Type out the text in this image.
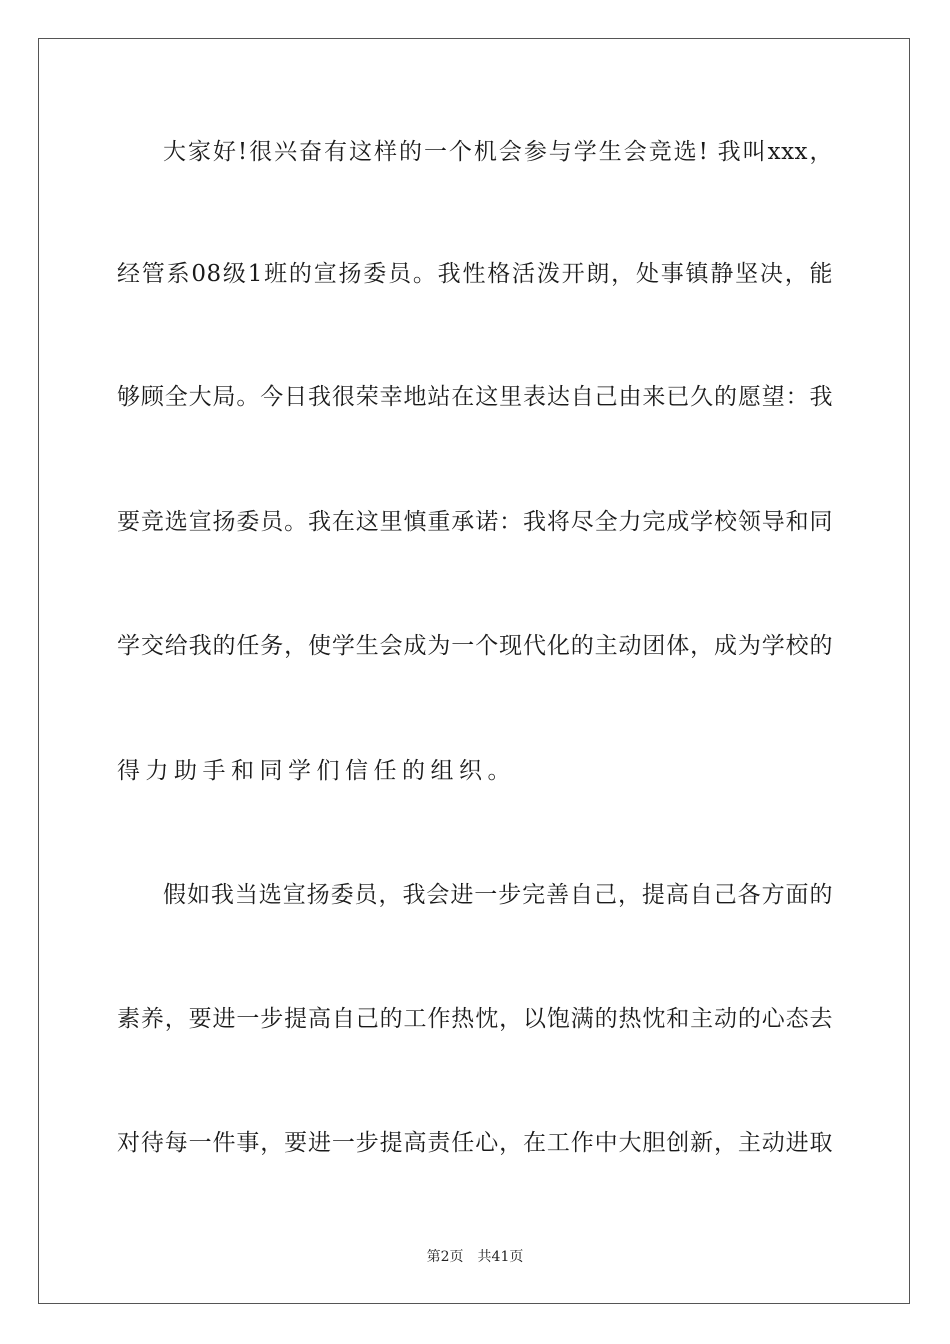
大家好!很兴奋有这样的一个机会参与学生会竞选! 我叫xxx，
经管系08级1班的宣扬委员。我性格活泼开朗，处事镇静坚决，能
够顾全大局。今日我很荣幸地站在这里表达自己由来已久的愿望：我
要竞选宣扬委员。我在这里慎重承诺：我将尽全力完成学校领导和同
学交给我的任务，使学生会成为一个现代化的主动团体，成为学校的
得力助手和同学们信任的组织。
假如我当选宣扬委员，我会进一步完善自己，提高自己各方面的
素养，要进一步提高自己的工作热忱，以饱满的热忱和主动的心态去
对待每一件事，要进一步提高责任心，在工作中大胆创新，主动进取
第2页 共41页
